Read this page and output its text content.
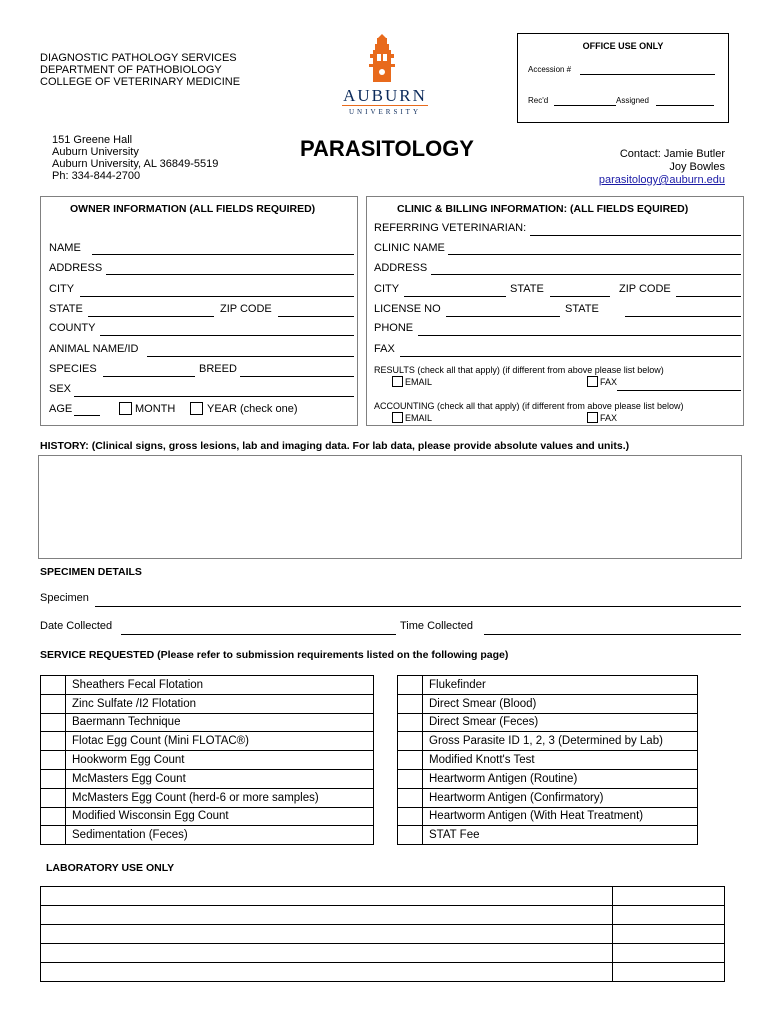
DIAGNOSTIC PATHOLOGY SERVICES
DEPARTMENT OF PATHOBIOLOGY
COLLEGE OF VETERINARY MEDICINE
AUBURN
UNIVERSITY
OFFICE USE ONLY
Accession #
Rec'd	Assigned
151 Greene Hall
Auburn University
Auburn University, AL 36849-5519
Ph: 334-844-2700
PARASITOLOGY	Contact: Jamie Butler
Joy Bowles
parasitology@auburn.edu
OWNER INFORMATION (ALL FIELDS REQUIRED)
NAME
ADDRESS
CITY
STATE	ZIP CODE
COUNTY
ANIMAL NAME/ID
SPECIES	BREED
SEX
AGE	MONTH	YEAR (check one)
CLINIC & BILLING INFORMATION: (ALL FIELDS EQUIRED)
REFERRING VETERINARIAN:
CLINIC NAME
ADDRESS
CITY	STATE	ZIP CODE
LICENSE NO	STATE
PHONE
FAX
RESULTS (check all that apply) (if different from above please list below)
EMAIL	FAX
ACCOUNTING (check all that apply) (if different from above please list below)
EMAIL	FAX
HISTORY: (Clinical signs, gross lesions, lab and imaging data. For lab data, please provide absolute values and units.)
SPECIMEN DETAILS
Specimen
Date Collected	Time Collected
SERVICE REQUESTED (Please refer to submission requirements listed on the following page)
	Sheathers Fecal Flotation
	Zinc Sulfate /I2 Flotation
	Baermann Technique
	Flotac Egg Count (Mini FLOTAC®)
	Hookworm Egg Count
	McMasters Egg Count
	McMasters Egg Count (herd-6 or more samples)
	Modified Wisconsin Egg Count
	Sedimentation (Feces)
	Flukefinder
	Direct Smear (Blood)
	Direct Smear (Feces)
	Gross Parasite ID 1, 2, 3 (Determined by Lab)
	Modified Knott's Test
	Heartworm Antigen (Routine)
	Heartworm Antigen (Confirmatory)
	Heartworm Antigen (With Heat Treatment)
	STAT Fee
LABORATORY USE ONLY
